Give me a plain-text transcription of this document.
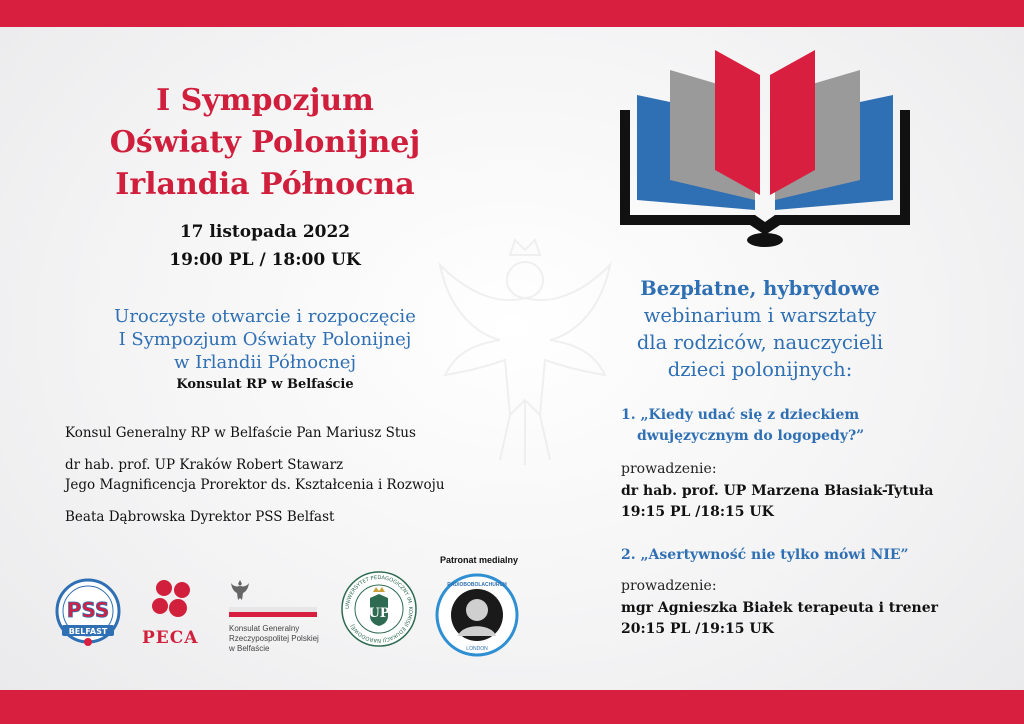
I Sympozjum
Oświaty Polonijnej
Irlandia Północna
17 listopada 2022
19:00 PL / 18:00 UK
Uroczyste otwarcie i rozpoczęcie
I Sympozjum Oświaty Polonijnej
w Irlandii Północnej
Konsulat RP w Belfaście
Konsul Generalny RP w Belfaście Pan Mariusz Stus
dr hab. prof. UP Kraków Robert Stawarz
Jego Magnificencja Prorektor ds. Kształcenia i Rozwoju
Beata Dąbrowska Dyrektor PSS Belfast
Bezpłatne, hybrydowe
webinarium i warsztaty
dla rodziców, nauczycieli
dzieci polonijnych:
1. „Kiedy udać się z dzieckiem
dwujęzycznym do logopedy?”
prowadzenie:
dr hab. prof. UP Marzena Błasiak-Tytuła
19:15 PL /18:15 UK
2. „Asertywność nie tylko mówi NIE”
prowadzenie:
mgr Agnieszka Białek terapeuta i trener
20:15 PL /19:15 UK
PSS
BELFAST PECA	Konsulat Generalny
Rzeczypospolitej Polskiej
w Belfaście
UNIWERSYTET PEDAGOGICZNY IM. KOMISJI EDUKACJI NARODOWEJ
UP
Patronat medialny
RADIOBOBOLACHURCH
LONDON
